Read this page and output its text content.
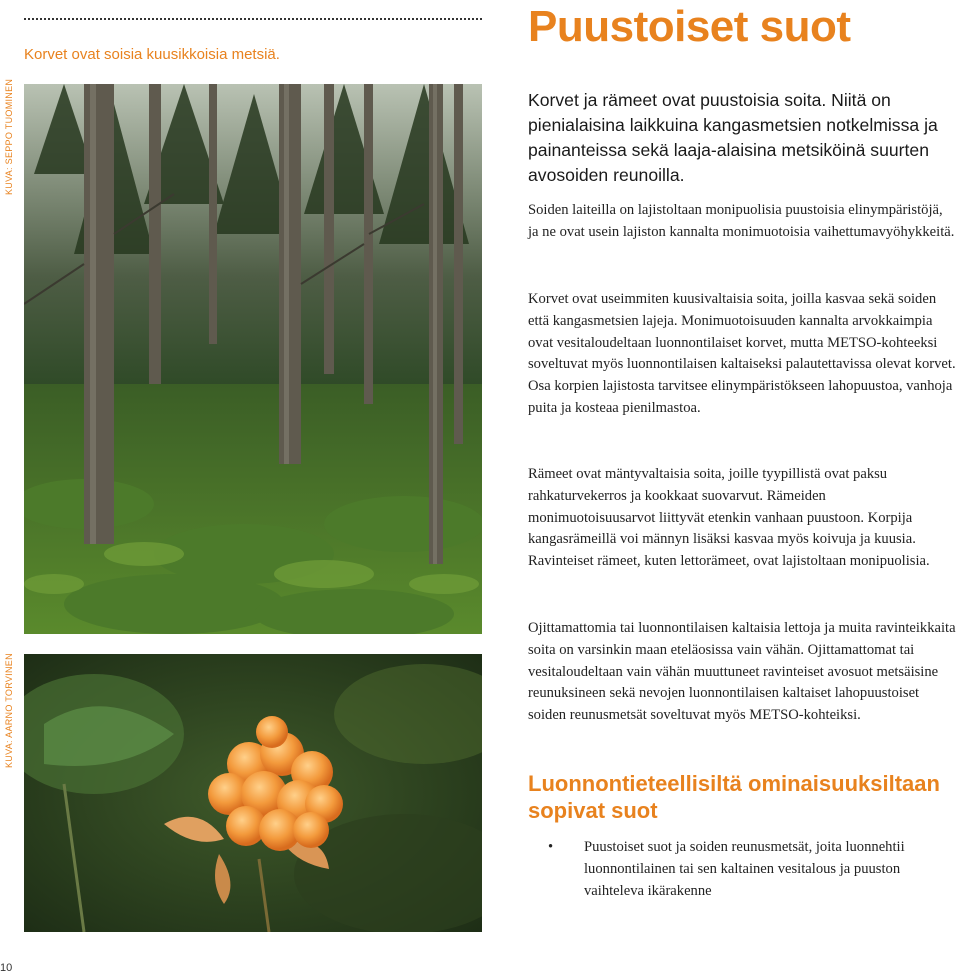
Korvet ovat soisia kuusikkoisia metsiä.
Puustoiset suot
KUVA: SEPPO TUOMINEN
KUVA: AARNO TORVINEN

Korvet ja rämeet ovat puustoisia soita. Niitä on pienialaisina laikkuina kangasmetsien notkelmissa ja painanteissa sekä laaja-alaisina metsiköinä suurten avosoiden reunoilla.

Soiden laiteilla on lajistoltaan monipuolisia puustoisia elinympäristöjä, ja ne ovat usein lajiston kannalta monimuotoisia vaihettumavyöhykkeitä.

Korvet ovat useimmiten kuusivaltaisia soita, joilla kasvaa sekä soiden että kangasmetsien lajeja. Monimuotoisuuden kannalta arvokkaimpia ovat vesitaloudeltaan luonnontilaiset korvet, mutta METSO-kohteeksi soveltuvat myös luonnontilaisen kaltaiseksi palautettavissa olevat korvet. Osa korpien lajistosta tarvitsee elinympäristökseen lahopuustoa, vanhoja puita ja kosteaa pienilmastoa.

Rämeet ovat mäntyvaltaisia soita, joille tyypillistä ovat paksu rahkaturvekerros ja kookkaat suovarvut. Rämeiden monimuotoisuusarvot liittyvät etenkin vanhaan puustoon. Korpija kangasrämeillä voi männyn lisäksi kasvaa myös koivuja ja kuusia. Ravinteiset rämeet, kuten lettorämeet, ovat lajistoltaan monipuolisia.

Ojittamattomia tai luonnontilaisen kaltaisia lettoja ja muita ravinteikkaita soita on varsinkin maan eteläosissa vain vähän. Ojittamattomat tai vesitaloudeltaan vain vähän muuttuneet ravinteiset avosuot metsäisine reunuksineen sekä nevojen luonnontilaisen kaltaiset lahopuustoiset soiden reunusmetsät soveltuvat myös METSO-kohteiksi.

Luonnontieteellisiltä ominaisuuksiltaan sopivat suot
• Puustoiset suot ja soiden reunusmetsät, joita luonnehtii luonnontilainen tai sen kaltainen vesitalous ja puuston vaihteleva ikärakenne
10
